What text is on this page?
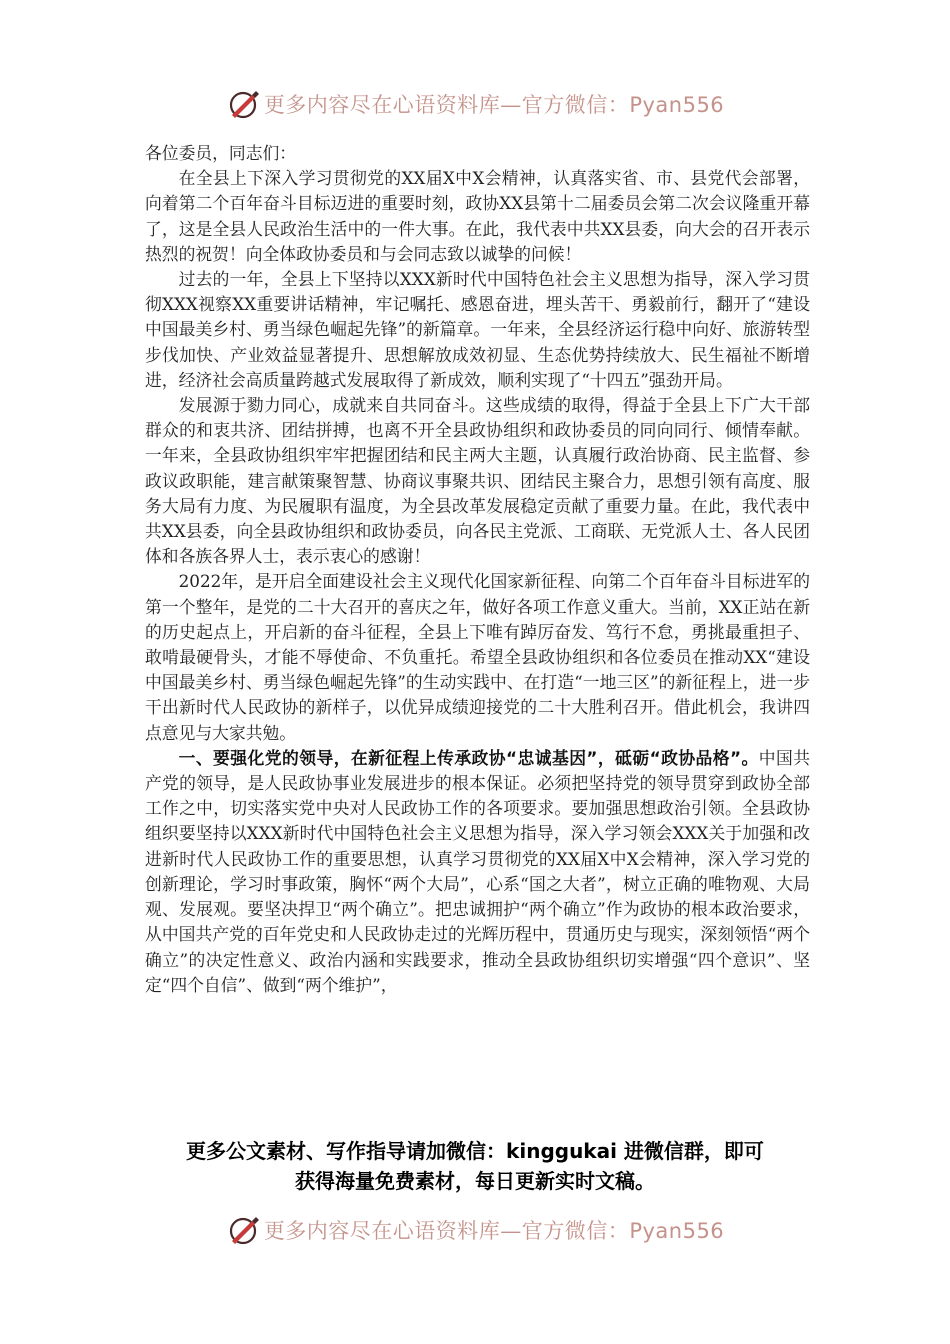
更多内容尽在心语资料库—官方微信：Pyan556

各位委员，同志们：

在全县上下深入学习贯彻党的XX届X中X会精神，认真落实省、市、县党代会部署，向着第二个百年奋斗目标迈进的重要时刻，政协XX县第十二届委员会第二次会议隆重开幕了，这是全县人民政治生活中的一件大事。在此，我代表中共XX县委，向大会的召开表示热烈的祝贺！向全体政协委员和与会同志致以诚挚的问候！

过去的一年，全县上下坚持以XXX新时代中国特色社会主义思想为指导，深入学习贯彻XXX视察XX重要讲话精神，牢记嘱托、感恩奋进，埋头苦干、勇毅前行，翻开了“建设中国最美乡村、勇当绿色崛起先锋”的新篇章。一年来，全县经济运行稳中向好、旅游转型步伐加快、产业效益显著提升、思想解放成效初显、生态优势持续放大、民生福祉不断增进，经济社会高质量跨越式发展取得了新成效，顺利实现了“十四五”强劲开局。

发展源于勠力同心，成就来自共同奋斗。这些成绩的取得，得益于全县上下广大干部群众的和衷共济、团结拼搏，也离不开全县政协组织和政协委员的同向同行、倾情奉献。一年来，全县政协组织牢牢把握团结和民主两大主题，认真履行政治协商、民主监督、参政议政职能，建言献策聚智慧、协商议事聚共识、团结民主聚合力，思想引领有高度、服务大局有力度、为民履职有温度，为全县改革发展稳定贡献了重要力量。在此，我代表中共XX县委，向全县政协组织和政协委员，向各民主党派、工商联、无党派人士、各人民团体和各族各界人士，表示衷心的感谢！

2022年，是开启全面建设社会主义现代化国家新征程、向第二个百年奋斗目标进军的第一个整年，是党的二十大召开的喜庆之年，做好各项工作意义重大。当前，XX正站在新的历史起点上，开启新的奋斗征程，全县上下唯有踔厉奋发、笃行不怠，勇挑最重担子、敢啃最硬骨头，才能不辱使命、不负重托。希望全县政协组织和各位委员在推动XX“建设中国最美乡村、勇当绿色崛起先锋”的生动实践中、在打造“一地三区”的新征程上，进一步干出新时代人民政协的新样子，以优异成绩迎接党的二十大胜利召开。借此机会，我讲四点意见与大家共勉。

一、要强化党的领导，在新征程上传承政协“忠诚基因”，砥砺“政协品格”。中国共产党的领导，是人民政协事业发展进步的根本保证。必须把坚持党的领导贯穿到政协全部工作之中，切实落实党中央对人民政协工作的各项要求。要加强思想政治引领。全县政协组织要坚持以XXX新时代中国特色社会主义思想为指导，深入学习领会XXX关于加强和改进新时代人民政协工作的重要思想，认真学习贯彻党的XX届X中X会精神，深入学习党的创新理论，学习时事政策，胸怀“两个大局”，心系“国之大者”，树立正确的唯物观、大局观、发展观。要坚决捍卫“两个确立”。把忠诚拥护“两个确立”作为政协的根本政治要求，从中国共产党的百年党史和人民政协走过的光辉历程中，贯通历史与现实，深刻领悟“两个确立”的决定性意义、政治内涵和实践要求，推动全县政协组织切实增强“四个意识”、坚定“四个自信”、做到“两个维护”，

更多公文素材、写作指导请加微信：kinggukai 进微信群，即可
获得海量免费素材，每日更新实时文稿。
更多内容尽在心语资料库—官方微信：Pyan556
